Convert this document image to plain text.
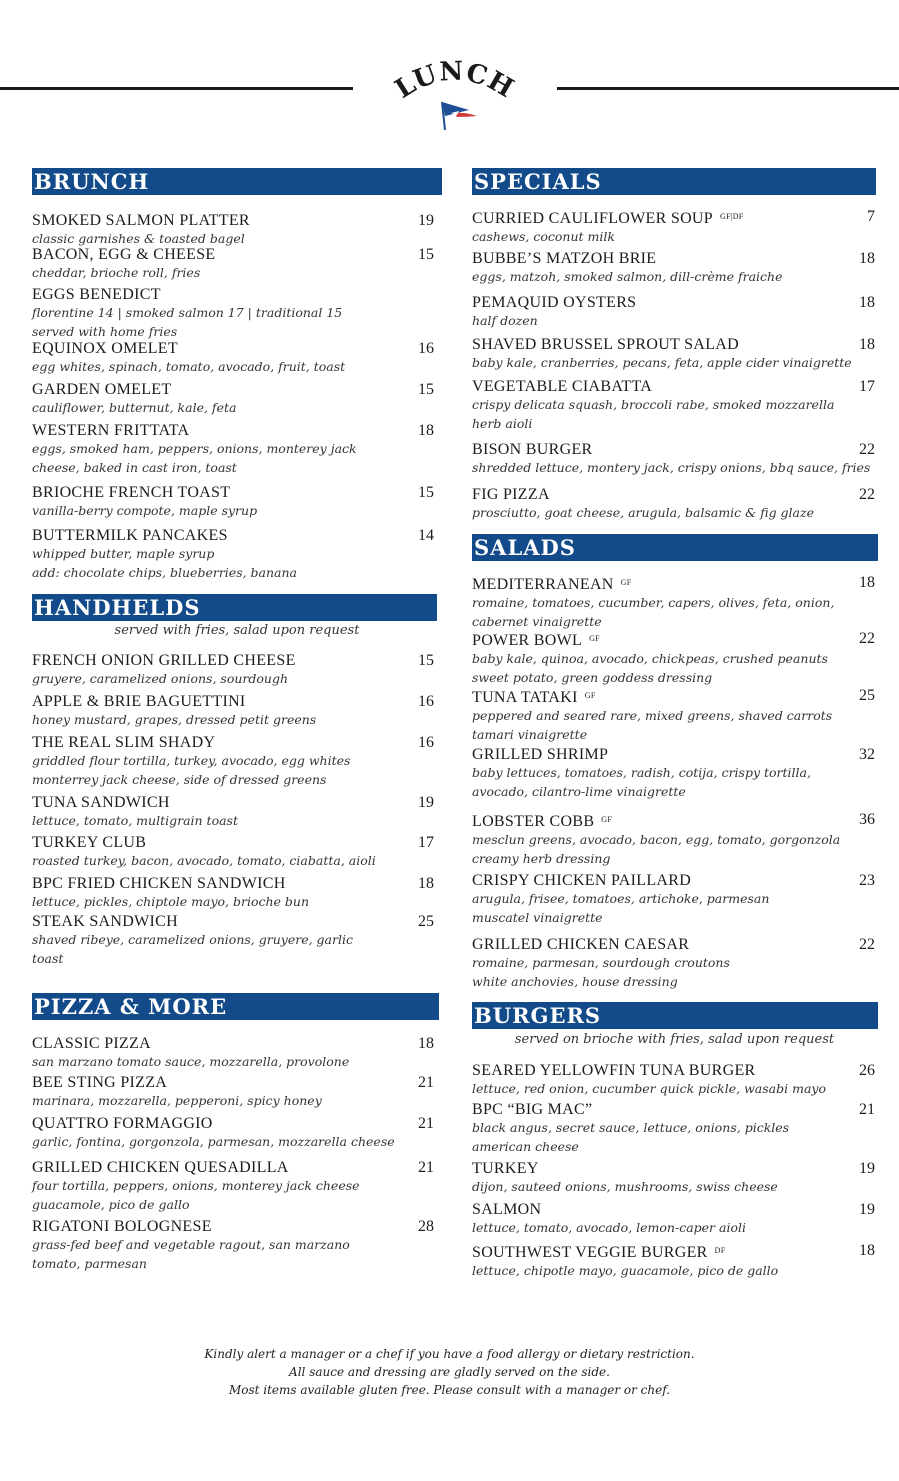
LUNCH
BRUNCH
SMOKED SALMON PLATTER	19
classic garnishes & toasted bagel
BACON, EGG & CHEESE	15
cheddar, brioche roll, fries
EGGS BENEDICT
florentine 14 | smoked salmon 17 | traditional 15
served with home fries
EQUINOX OMELET	16
egg whites, spinach, tomato, avocado, fruit, toast
GARDEN OMELET	15
cauliflower, butternut, kale, feta
WESTERN FRITTATA	18
eggs, smoked ham, peppers, onions, monterey jack
cheese, baked in cast iron, toast
BRIOCHE FRENCH TOAST	15
vanilla-berry compote, maple syrup
BUTTERMILK PANCAKES	14
whipped butter, maple syrup
add: chocolate chips, blueberries, banana
HANDHELDS
served with fries, salad upon request
FRENCH ONION GRILLED CHEESE	15
gruyere, caramelized onions, sourdough
APPLE & BRIE BAGUETTINI	16
honey mustard, grapes, dressed petit greens
THE REAL SLIM SHADY	16
griddled flour tortilla, turkey, avocado, egg whites
monterrey jack cheese, side of dressed greens
TUNA SANDWICH	19
lettuce, tomato, multigrain toast
TURKEY CLUB	17
roasted turkey, bacon, avocado, tomato, ciabatta, aioli
BPC FRIED CHICKEN SANDWICH	18
lettuce, pickles, chiptole mayo, brioche bun
STEAK SANDWICH	25
shaved ribeye, caramelized onions, gruyere, garlic
toast
PIZZA & MORE
CLASSIC PIZZA	18
san marzano tomato sauce, mozzarella, provolone
BEE STING PIZZA	21
marinara, mozzarella, pepperoni, spicy honey
QUATTRO FORMAGGIO	21
garlic, fontina, gorgonzola, parmesan, mozzarella cheese
GRILLED CHICKEN QUESADILLA	21
four tortilla, peppers, onions, monterey jack cheese
guacamole, pico de gallo
RIGATONI BOLOGNESE	28
grass-fed beef and vegetable ragout, san marzano
tomato, parmesan
SPECIALS
CURRIED CAULIFLOWER SOUP $^{GF|DF}$	7
cashews, coconut milk
BUBBE’S MATZOH BRIE	18
eggs, matzoh, smoked salmon, dill-crème fraiche
PEMAQUID OYSTERS	18
half dozen
SHAVED BRUSSEL SPROUT SALAD	18
baby kale, cranberries, pecans, feta, apple cider vinaigrette
VEGETABLE CIABATTA	17
crispy delicata squash, broccoli rabe, smoked mozzarella
herb aioli
BISON BURGER	22
shredded lettuce, montery jack, crispy onions, bbq sauce, fries
FIG PIZZA	22
prosciutto, goat cheese, arugula, balsamic & fig glaze
SALADS
MEDITERRANEAN $^{GF}$	18
romaine, tomatoes, cucumber, capers, olives, feta, onion,
cabernet vinaigrette
POWER BOWL $^{GF}$	22
baby kale, quinoa, avocado, chickpeas, crushed peanuts
sweet potato, green goddess dressing
TUNA TATAKI $^{GF}$	25
peppered and seared rare, mixed greens, shaved carrots
tamari vinaigrette
GRILLED SHRIMP	32
baby lettuces, tomatoes, radish, cotija, crispy tortilla,
avocado, cilantro-lime vinaigrette
LOBSTER COBB $^{GF}$	36
mesclun greens, avocado, bacon, egg, tomato, gorgonzola
creamy herb dressing
CRISPY CHICKEN PAILLARD	23
arugula, frisee, tomatoes, artichoke, parmesan
muscatel vinaigrette
GRILLED CHICKEN CAESAR	22
romaine, parmesan, sourdough croutons
white anchovies, house dressing
BURGERS
served on brioche with fries, salad upon request
SEARED YELLOWFIN TUNA BURGER	26
lettuce, red onion, cucumber quick pickle, wasabi mayo
BPC “BIG MAC”	21
black angus, secret sauce, lettuce, onions, pickles
american cheese
TURKEY	19
dijon, sauteed onions, mushrooms, swiss cheese
SALMON	19
lettuce, tomato, avocado, lemon-caper aioli
SOUTHWEST VEGGIE BURGER $^{DF}$	18
lettuce, chipotle mayo, guacamole, pico de gallo
Kindly alert a manager or a chef if you have a food allergy or dietary restriction.
All sauce and dressing are gladly served on the side.
Most items available gluten free. Please consult with a manager or chef.
